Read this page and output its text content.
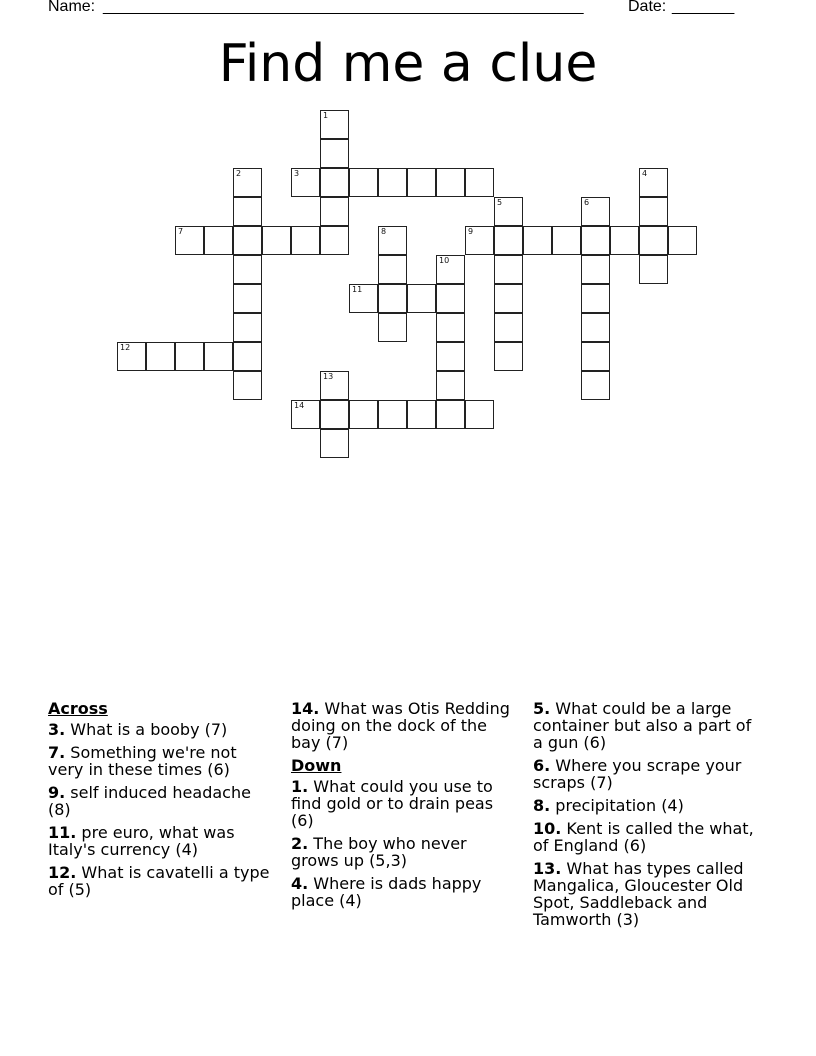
Name: ______________________________________________________	Date: _______
Find me a clue
1
2	3	4
5	6
7	8	9
10
11
12
13
14
Across
3. What is a booby (7)
7. Something we're not very in these times (6)
9. self induced headache (8)
11. pre euro, what was Italy's currency (4)
12. What is cavatelli a type of (5)
14. What was Otis Redding doing on the dock of the bay (7)
Down
1. What could you use to find gold or to drain peas (6)
2. The boy who never grows up (5,3)
4. Where is dads happy place (4)
5. What could be a large container but also a part of a gun (6)
6. Where you scrape your scraps (7)
8. precipitation (4)
10. Kent is called the what, of England (6)
13. What has types called Mangalica, Gloucester Old Spot, Saddleback and Tamworth (3)
